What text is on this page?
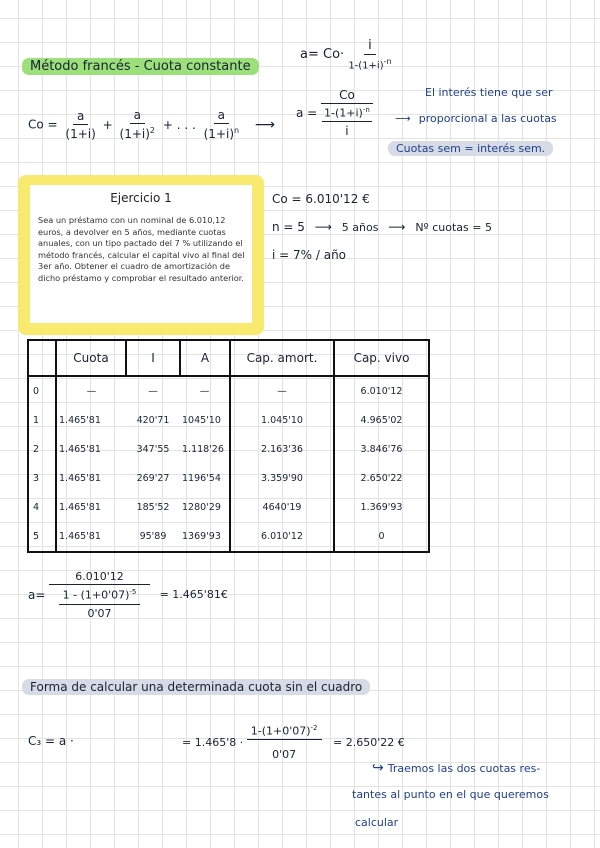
Método francés - Cuota constante
$a= Co\cdot \frac{i}{1-(1+i)^{-n}}$
$Co = \frac{a}{(1+i)} + \frac{a}{(1+i)^2}$ + . . . $\frac{a}{(1+i)^n}$ ⟶
a =
Co
$1-(1+i)^{-n}$
i
El interés tiene que ser
⟶ proporcional a las cuotas
Cuotas sem = interés sem.
Ejercicio 1
Sea un préstamo con un nominal de 6.010,12 euros, a devolver en 5 años, mediante cuotas anuales, con un tipo pactado del 7 % utilizando el método francés, calcular el capital vivo al final del 3er año. Obtener el cuadro de amortización de dicho préstamo y comprobar el resultado anterior.
Co = 6.010'12 €
n = 5 ⟶ 5 años ⟶ Nº cuotas = 5
i = 7% / año
	Cuota	I	A	Cap. amort.	Cap. vivo
0	—	—	—	—	6.010'12
1	1.465'81	420'71	1045'10	1.045'10	4.965'02
2	1.465'81	347'55	1.118'26	2.163'36	3.846'76
3	1.465'81	269'27	1196'54	3.359'90	2.650'22
4	1.465'81	185'52	1280'29	4640'19	1.369'93
5	1.465'81	95'89	1369'93	6.010'12	0
a=
6.010'12
$1 - (1+0'07)^{-5}$
0'07
= 1.465'81€
Forma de calcular una determinada cuota sin el cuadro
C₃ = a ·	= $1.465'8 \cdot \frac{1-(1+0'07)^{-2}}{0'07} = 2.650'22$ €
↪ Traemos las dos cuotas res-
tantes al punto en el que queremos
calcular
